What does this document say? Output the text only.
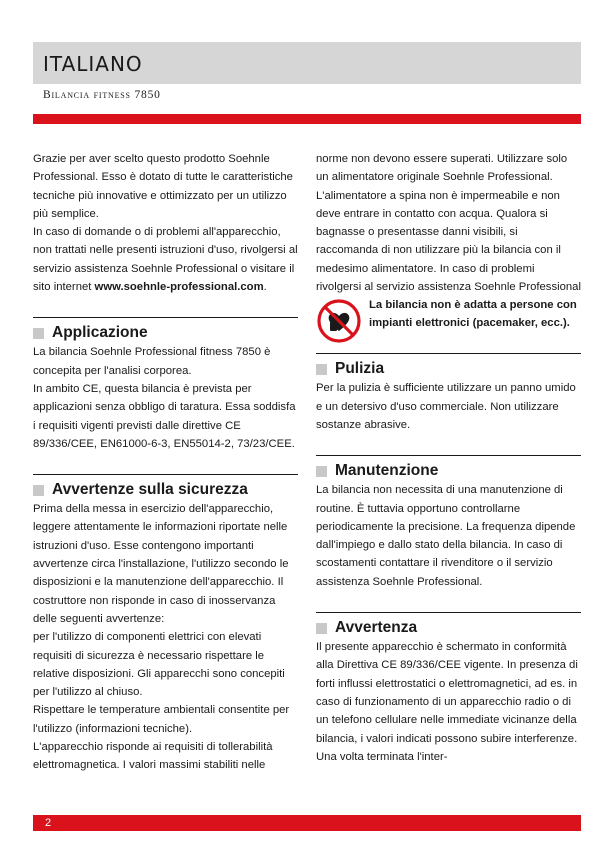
ITALIANO
Bilancia fitness 7850

Grazie per aver scelto questo prodotto Soehnle Professional. Esso è dotato di tutte le caratteristiche tecniche più innovative e ottimizzato per un utilizzo più semplice.

In caso di domande o di problemi all'apparecchio, non trattati nelle presenti istruzioni d'uso, rivolgersi al servizio assistenza Soehnle Professional o visitare il sito internet www.soehnle-professional.com.

Applicazione

La bilancia Soehnle Professional fitness 7850 è concepita per l'analisi corporea.

In ambito CE, questa bilancia è prevista per applicazioni senza obbligo di taratura. Essa soddisfa i requisiti vigenti previsti dalle direttive CE 89/336/CEE, EN61000-6-3, EN55014-2, 73/23/CEE.

Avvertenze sulla sicurezza

Prima della messa in esercizio dell'apparecchio, leggere attentamente le informazioni riportate nelle istruzioni d'uso. Esse contengono importanti avvertenze circa l'installazione, l'utilizzo secondo le disposizioni e la manutenzione dell'apparecchio. Il costruttore non risponde in caso di inosservanza delle seguenti avvertenze:

per l'utilizzo di componenti elettrici con elevati requisiti di sicurezza è necessario rispettare le relative disposizioni. Gli apparecchi sono concepiti per l'utilizzo al chiuso.

Rispettare le temperature ambientali consentite per l'utilizzo (informazioni tecniche).

L'apparecchio risponde ai requisiti di tollerabilità elettromagnetica. I valori massimi stabiliti nelle

norme non devono essere superati. Utilizzare solo un alimentatore originale Soehnle Professional. L'alimentatore a spina non è impermeabile e non deve entrare in contatto con acqua. Qualora si bagnasse o presentasse danni visibili, si raccomanda di non utilizzare più la bilancia con il medesimo alimentatore. In caso di problemi rivolgersi al servizio assistenza Soehnle Professional

La bilancia non è adatta a persone con impianti elettronici (pacemaker, ecc.).
Pulizia

Per la pulizia è sufficiente utilizzare un panno umido e un detersivo d'uso commerciale. Non utilizzare sostanze abrasive.

Manutenzione

La bilancia non necessita di una manutenzione di routine. È tuttavia opportuno controllarne periodicamente la precisione. La frequenza dipende dall'impiego e dallo stato della bilancia. In caso di scostamenti contattare il rivenditore o il servizio assistenza Soehnle Professional.

Avvertenza

Il presente apparecchio è schermato in conformità alla Direttiva CE 89/336/CEE vigente. In presenza di forti influssi elettrostatici o elettromagnetici, ad es. in caso di funzionamento di un apparecchio radio o di un telefono cellulare nelle immediate vicinanze della bilancia, i valori indicati possono subire interferenze. Una volta terminata l'inter-

2
